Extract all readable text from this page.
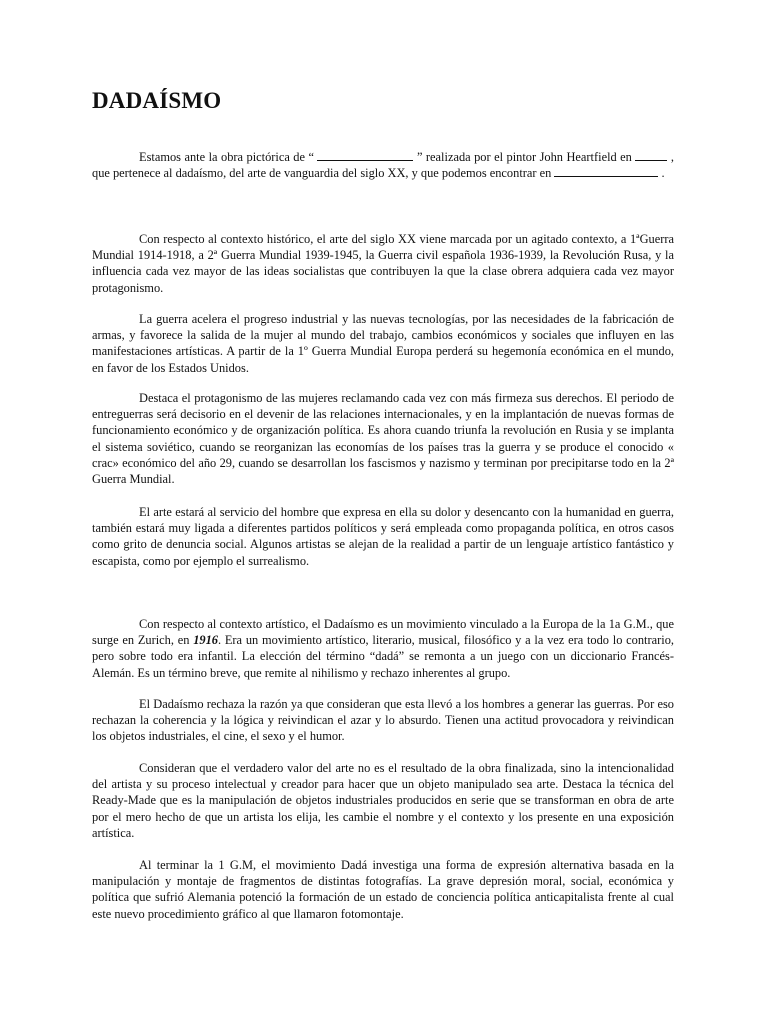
DADAÍSMO

Estamos ante la obra pictórica de “	” realizada por el pintor John Heartfield en	, que pertenece al dadaísmo, del arte de vanguardia del siglo XX, y que podemos encontrar en	.

Con respecto al contexto histórico, el arte del siglo XX viene marcada por un agitado contexto, a 1ªGuerra Mundial 1914-1918, a 2ª Guerra Mundial 1939-1945, la Guerra civil española 1936-1939, la Revolución Rusa, y la influencia cada vez mayor de las ideas socialistas que contribuyen la que la clase obrera adquiera cada vez mayor protagonismo.

La guerra acelera el progreso industrial y las nuevas tecnologías, por las necesidades de la fabricación de armas, y favorece la salida de la mujer al mundo del trabajo, cambios económicos y sociales que influyen en las manifestaciones artísticas. A partir de la 1º Guerra Mundial Europa perderá su hegemonía económica en el mundo, en favor de los Estados Unidos.

Destaca el protagonismo de las mujeres reclamando cada vez con más firmeza sus derechos. El periodo de entreguerras será decisorio en el devenir de las relaciones internacionales, y en la implantación de nuevas formas de funcionamiento económico y de organización política. Es ahora cuando triunfa la revolución en Rusia y se implanta el sistema soviético, cuando se reorganizan las economías de los países tras la guerra y se produce el conocido « crac» económico del año 29, cuando se desarrollan los fascismos y nazismo y terminan por precipitarse todo en la 2ª Guerra Mundial.

El arte estará al servicio del hombre que expresa en ella su dolor y desencanto con la humanidad en guerra, también estará muy ligada a diferentes partidos políticos y será empleada como propaganda política, en otros casos como grito de denuncia social. Algunos artistas se alejan de la realidad a partir de un lenguaje artístico fantástico y escapista, como por ejemplo el surrealismo.

Con respecto al contexto artístico, el Dadaísmo es un movimiento vinculado a la Europa de la 1a G.M., que surge en Zurich, en 1916. Era un movimiento artístico, literario, musical, filosófico y a la vez era todo lo contrario, pero sobre todo era infantil. La elección del término “dadá” se remonta a un juego con un diccionario Francés-Alemán. Es un término breve, que remite al nihilismo y rechazo inherentes al grupo.

El Dadaísmo rechaza la razón ya que consideran que esta llevó a los hombres a generar las guerras. Por eso rechazan la coherencia y la lógica y reivindican el azar y lo absurdo. Tienen una actitud provocadora y reivindican los objetos industriales, el cine, el sexo y el humor.

Consideran que el verdadero valor del arte no es el resultado de la obra finalizada, sino la intencionalidad del artista y su proceso intelectual y creador para hacer que un objeto manipulado sea arte. Destaca la técnica del Ready-Made que es la manipulación de objetos industriales producidos en serie que se transforman en obra de arte por el mero hecho de que un artista los elija, les cambie el nombre y el contexto y los presente en una exposición artística.

Al terminar la 1 G.M, el movimiento Dadá investiga una forma de expresión alternativa basada en la manipulación y montaje de fragmentos de distintas fotografías. La grave depresión moral, social, económica y política que sufrió Alemania potenció la formación de un estado de conciencia política anticapitalista frente al cual este nuevo procedimiento gráfico al que llamaron fotomontaje.
